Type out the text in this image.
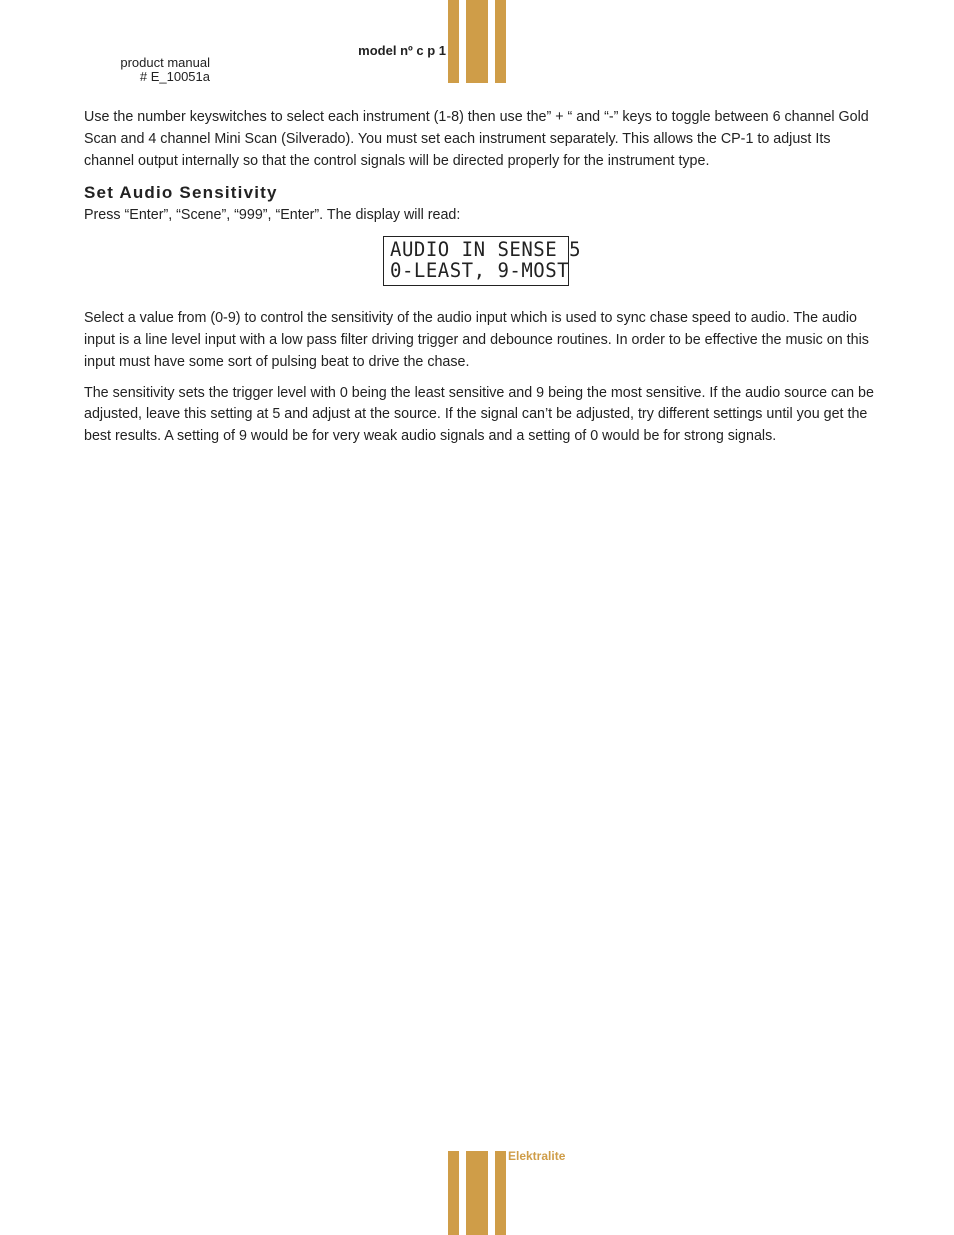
product manual
# E_10051a
model nº c p 1

Use the number keyswitches to select each instrument (1-8) then use the” + “ and “-” keys to toggle between 6 channel Gold Scan and 4 channel Mini Scan (Silverado). You must set each instrument separately. This allows the CP-1 to adjust Its channel output internally so that the control signals will be directed properly for the instrument type.

Set Audio Sensitivity

Press “Enter”, “Scene”, “999”, “Enter”. The display will read:

AUDIO IN SENSE 5
0-LEAST, 9-MOST

Select a value from (0-9) to control the sensitivity of the audio input which is used to sync chase speed to audio. The audio input is a line level input with a low pass filter driving trigger and debounce routines. In order to be effective the music on this input must have some sort of pulsing beat to drive the chase.

The sensitivity sets the trigger level with 0 being the least sensitive and 9 being the most sensitive. If the audio source can be adjusted, leave this setting at 5 and adjust at the source. If the signal can’t be adjusted, try different settings until you get the best results. A setting of 9 would be for very weak audio signals and a setting of 0 would be for strong signals.

Elektralite
